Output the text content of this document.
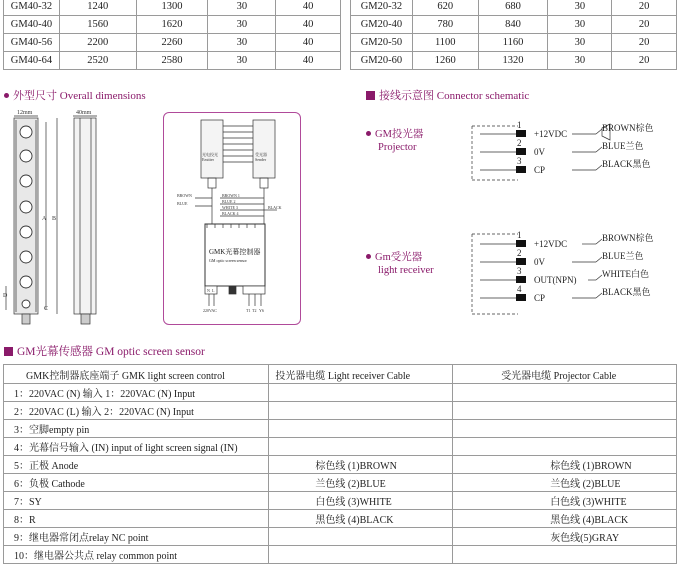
GM40-32	1240	1300	30	40
GM40-40	1560	1620	30	40
GM40-56	2200	2260	30	40
GM40-64	2520	2580	30	40
GM20-32	620	680	30	20
GM20-40	780	840	30	20
GM20-50	1100	1160	30	20
GM20-60	1260	1320	30	20
外型尺寸 Overall dimensions
12mm	40mm
A B
D
C
光电投光
Emitter
受光器
Sender
BROWN
BLUE
BROWN 1
BLUE 2
WHITE 3
BLACK 4
BLACK
N L
220VAC	T1 T2 Y6
GMK光幕控制器
GM optic screen sensor
接线示意图 Connector schematic
GM投光器
Projector
1
2
3
+12VDC
0V
CP
BROWN棕色
BLUE兰色
BLACK黑色
Gm受光器
light receiver
1
2
3
4
+12VDC
0V
OUT(NPN)
CP
BROWN棕色
BLUE兰色
WHITE白色
BLACK黑色
GM光幕传感器 GM optic screen sensor
GMK控制器底座端子 GMK light screen control	投光器电缆 Light receiver Cable	受光器电缆 Projector Cable
1：220VAC (N) 输入 1：220VAC (N) Input		
2：220VAC (L) 输入 2：220VAC (N) Input		
3：空脚empty pin		
4：光幕信号输入 (IN) input of light screen signal (IN)		
5：正极 Anode	棕色线 (1)BROWN	棕色线 (1)BROWN
6：负极 Cathode	兰色线 (2)BLUE	兰色线 (2)BLUE
7：SY	白色线 (3)WHITE	白色线 (3)WHITE
8：R	黑色线 (4)BLACK	黑色线 (4)BLACK
9：继电器常闭点relay NC point		灰色线(5)GRAY
10：继电器公共点 relay common point		
